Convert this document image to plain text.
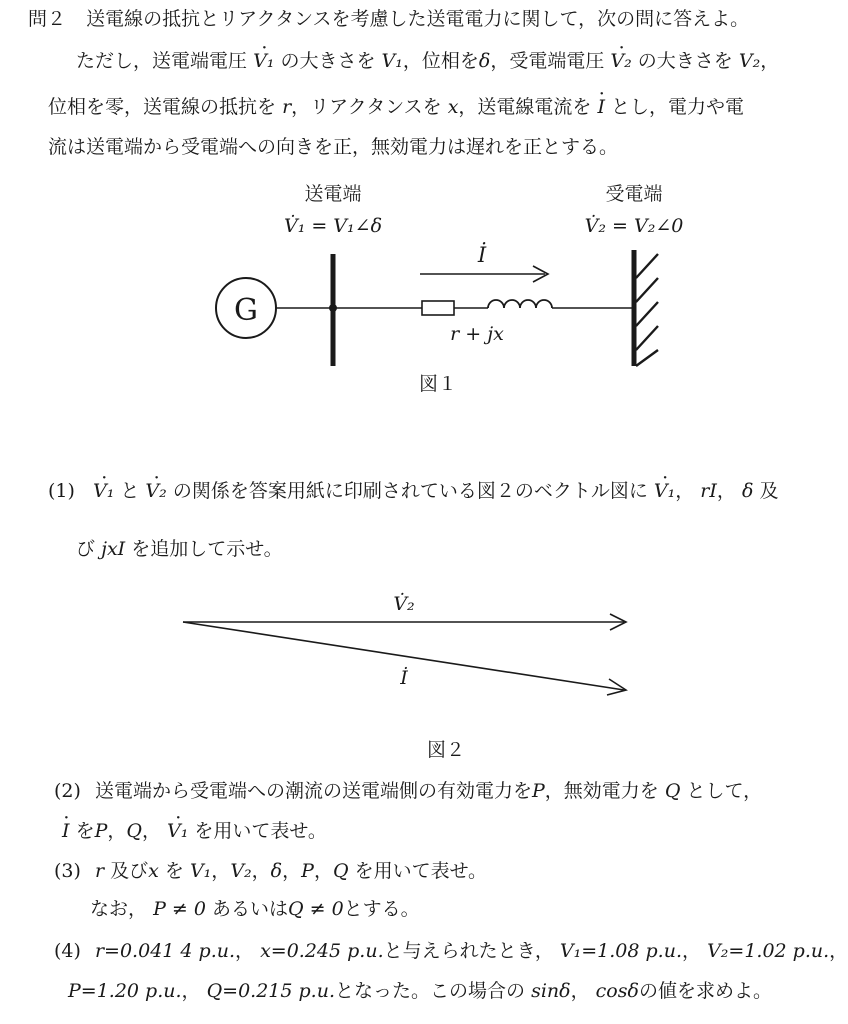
問２ 送電線の抵抗とリアクタンスを考慮した送電電力に関して，次の問に答えよ。
ただし，送電端電圧 · V₁ の大きさを V₁，位相をδ，受電端電圧 · V₂ の大きさを V₂，
位相を零，送電線の抵抗を r，リアクタンスを x，送電線電流を · I とし，電力や電
流は送電端から受電端への向きを正，無効電力は遅れを正とする。
送電端
V̇₁ = V₁∠δ
受電端
V̇₂ = V₂∠0
G
İ
r + jx
図１
(1) · V₁ と · V₂ の関係を答案用紙に印刷されている図２のベクトル図に · V₁， rI， δ 及
び jxI を追加して示せ。
V̇₂
İ
図２
(2) 送電端から受電端への潮流の送電端側の有効電力をP，無効電力を Q として，
· I をP，Q， · V₁ を用いて表せ。
(3) r 及びx を V₁，V₂，δ，P，Q を用いて表せ。
なお， P ≠ 0 あるいはQ ≠ 0とする。
(4) r=0.041 4 p.u.， x=0.245 p.u.と与えられたとき， V₁=1.08 p.u.， V₂=1.02 p.u.，
P=1.20 p.u.， Q=0.215 p.u.となった。この場合の sinδ， cosδの値を求めよ。
